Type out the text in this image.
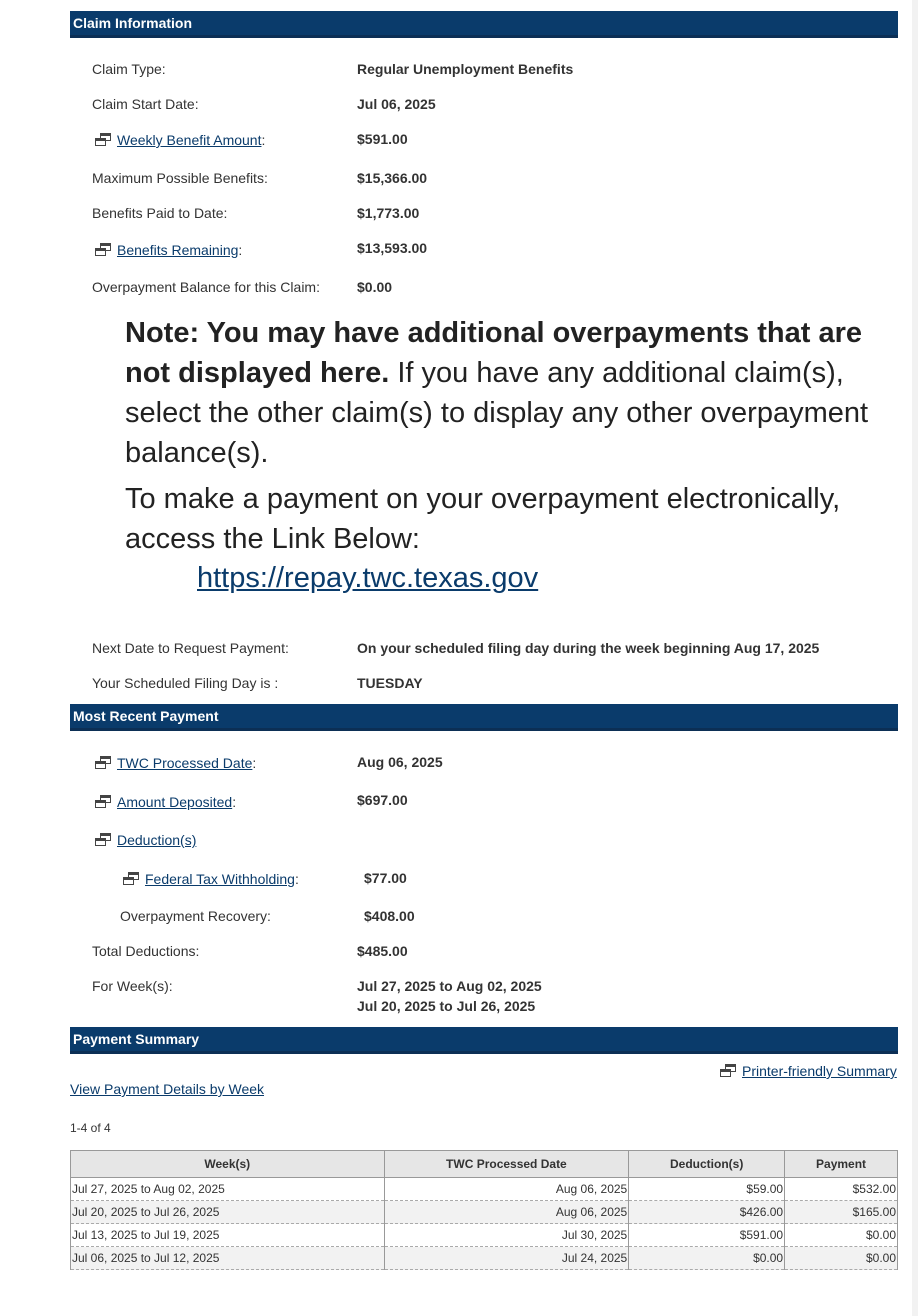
Claim Information
Claim Type:	Regular Unemployment Benefits
Claim Start Date:	Jul 06, 2025
Weekly Benefit Amount:	$591.00
Maximum Possible Benefits:	$15,366.00
Benefits Paid to Date:	$1,773.00
Benefits Remaining:	$13,593.00
Overpayment Balance for this Claim:	$0.00

Note: You may have additional overpayments that are not displayed here. If you have any additional claim(s), select the other claim(s) to display any other overpayment balance(s).

To make a payment on your overpayment electronically, access the Link Below:

https://repay.twc.texas.gov
Next Date to Request Payment:	On your scheduled filing day during the week beginning Aug 17, 2025
Your Scheduled Filing Day is :	TUESDAY
Most Recent Payment
TWC Processed Date:	Aug 06, 2025
Amount Deposited:	$697.00
Deduction(s)
Federal Tax Withholding:	$77.00
Overpayment Recovery:	$408.00
Total Deductions:	$485.00
For Week(s):	Jul 27, 2025 to Aug 02, 2025
Jul 20, 2025 to Jul 26, 2025
Payment Summary
Printer-friendly Summary
View Payment Details by Week
1-4 of 4
Week(s)	TWC Processed Date	Deduction(s)	Payment
Jul 27, 2025 to Aug 02, 2025	Aug 06, 2025	$59.00	$532.00
Jul 20, 2025 to Jul 26, 2025	Aug 06, 2025	$426.00	$165.00
Jul 13, 2025 to Jul 19, 2025	Jul 30, 2025	$591.00	$0.00
Jul 06, 2025 to Jul 12, 2025	Jul 24, 2025	$0.00	$0.00
